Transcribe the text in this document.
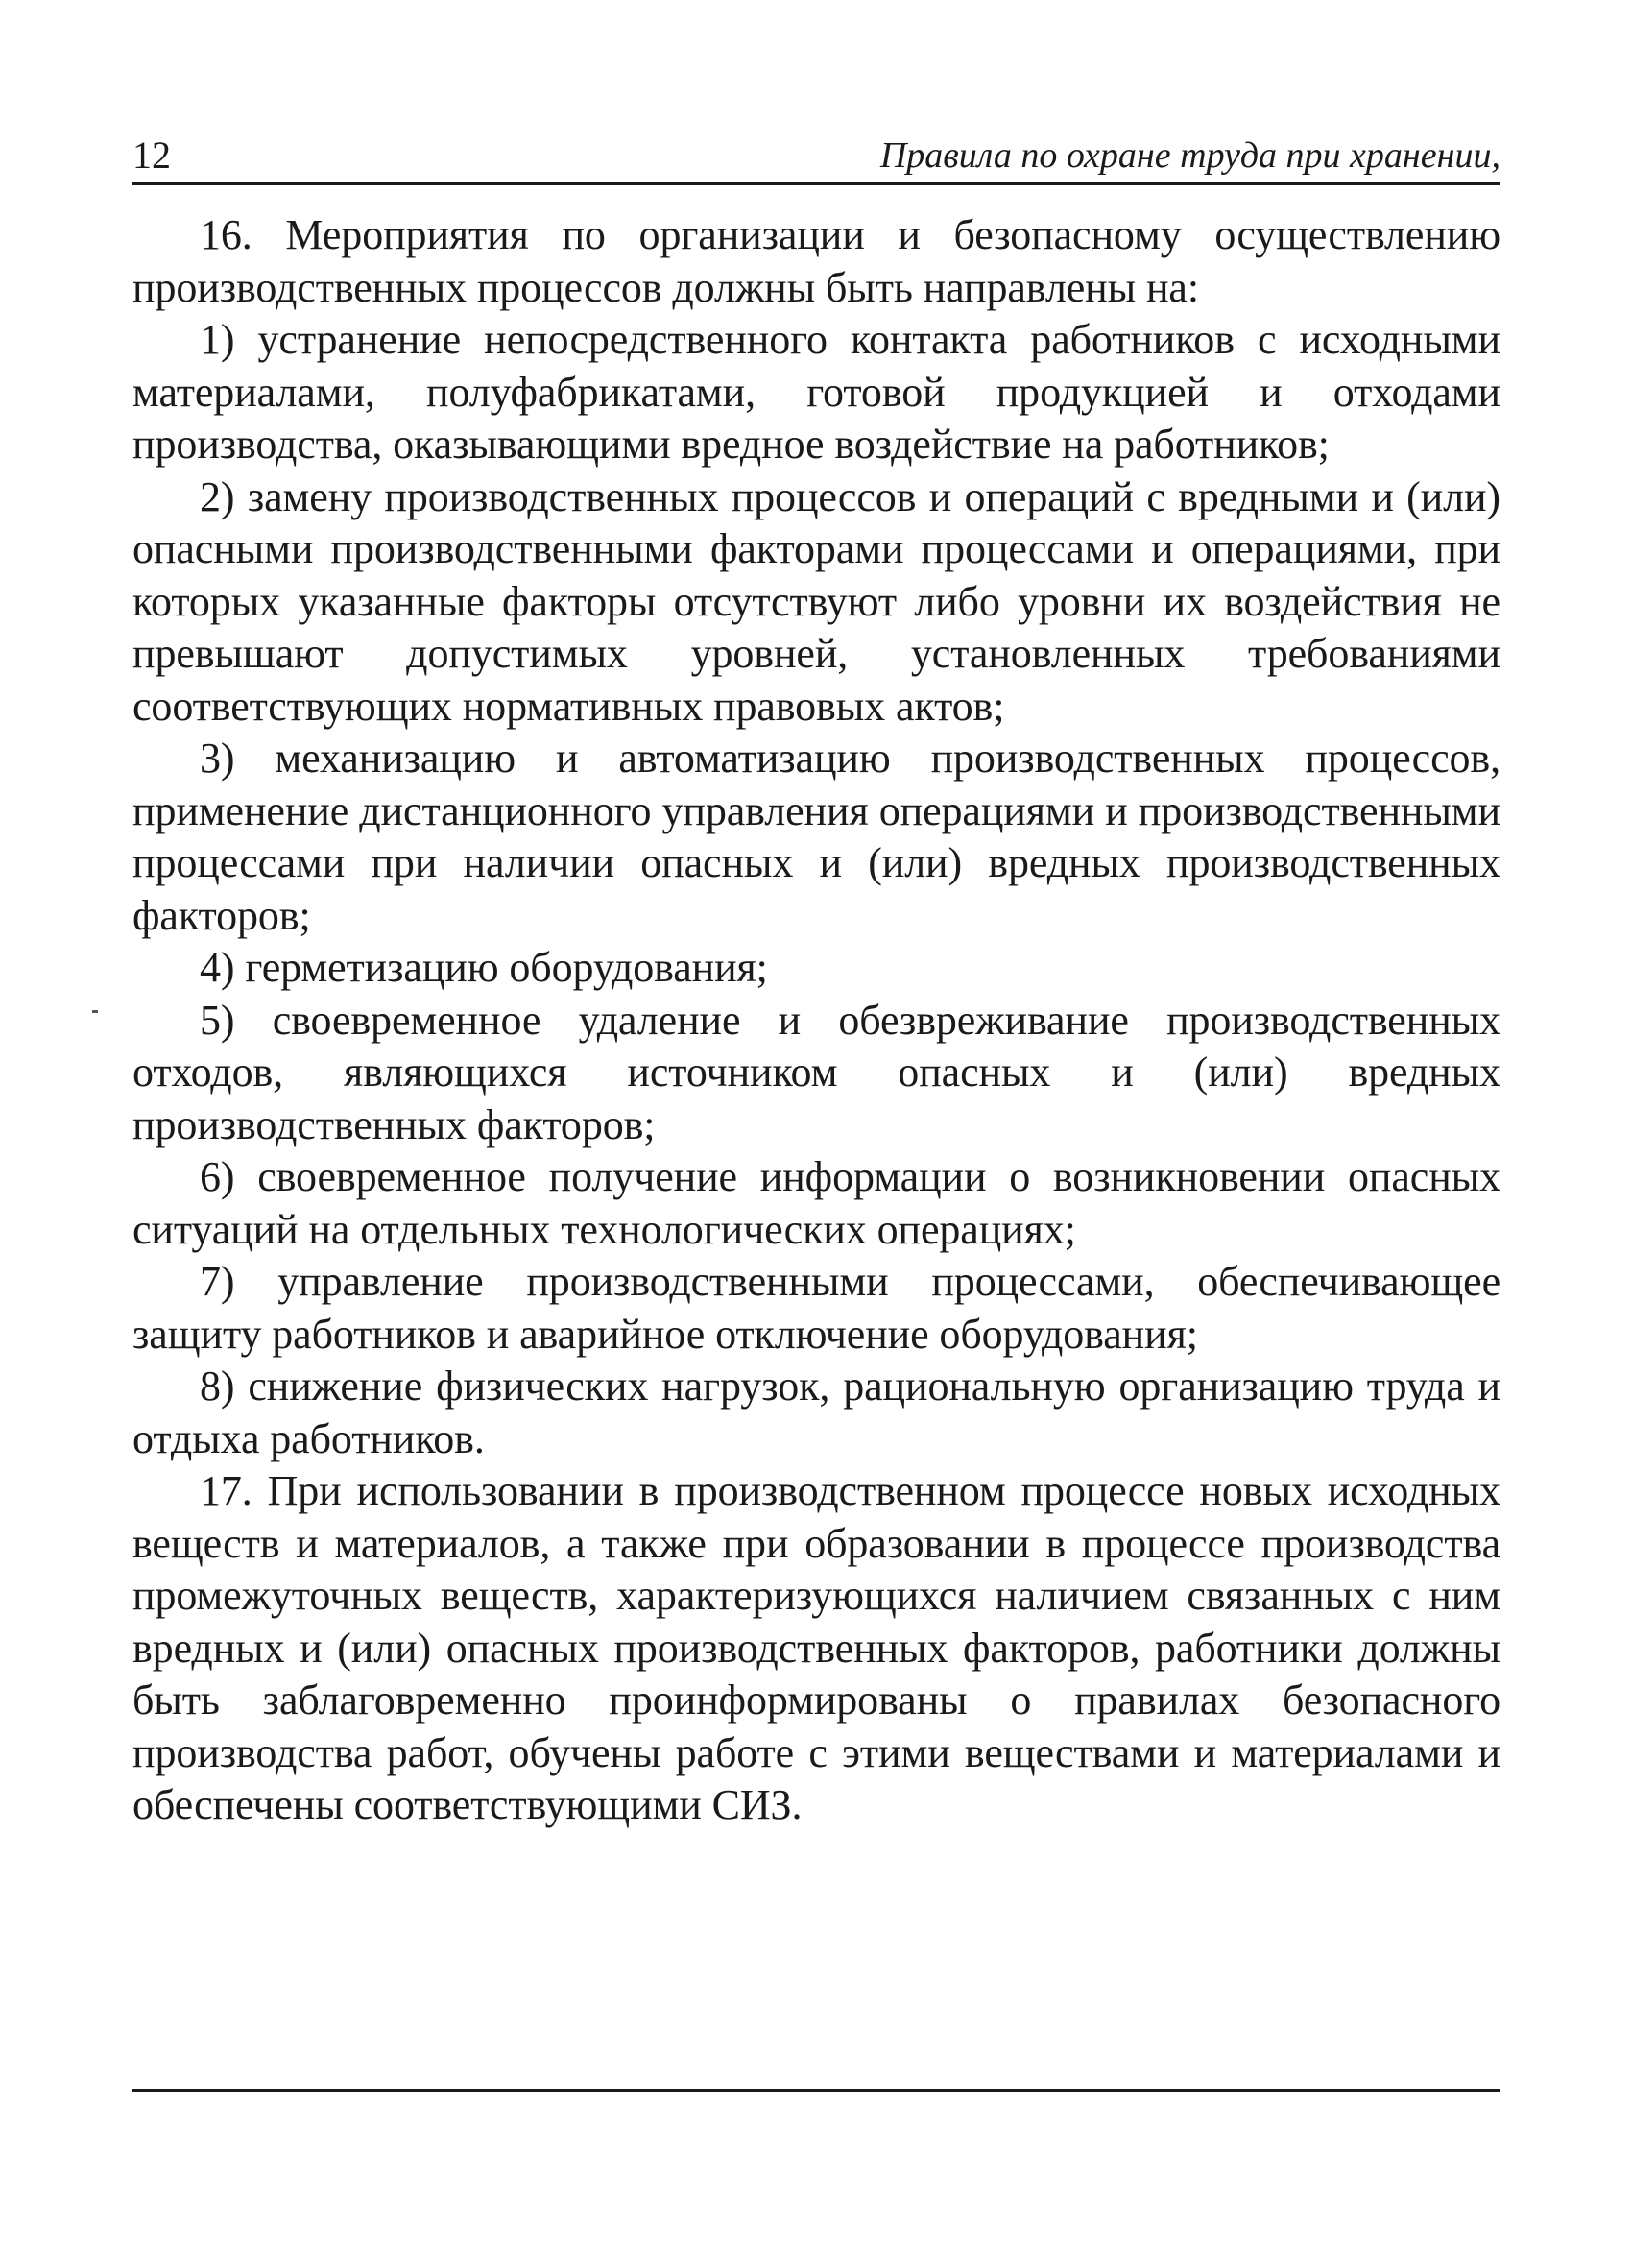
12	Правила по охране труда при хранении,

16. Мероприятия по организации и безопасному осуществлению производственных процессов должны быть направлены на:

1) устранение непосредственного контакта работников с исходными материалами, полуфабрикатами, готовой продукцией и отходами производства, оказывающими вредное воздействие на работников;

2) замену производственных процессов и операций с вредными и (или) опасными производственными факторами процессами и операциями, при которых указанные факторы отсутствуют либо уровни их воздействия не превышают допустимых уровней, установленных требованиями соответствующих нормативных правовых актов;

3) механизацию и автоматизацию производственных процессов, применение дистанционного управления операциями и производственными процессами при наличии опасных и (или) вредных производственных факторов;

4) герметизацию оборудования;

5) своевременное удаление и обезвреживание производственных отходов, являющихся источником опасных и (или) вредных производственных факторов;

6) своевременное получение информации о возникновении опасных ситуаций на отдельных технологических операциях;

7) управление производственными процессами, обеспечивающее защиту работников и аварийное отключение оборудования;

8) снижение физических нагрузок, рациональную организацию труда и отдыха работников.

17. При использовании в производственном процессе новых исходных веществ и материалов, а также при образовании в процессе производства промежуточных веществ, характеризующихся наличием связанных с ним вредных и (или) опасных производственных факторов, работники должны быть заблаговременно проинформированы о правилах безопасного производства работ, обучены работе с этими веществами и материалами и обеспечены соответствующими СИЗ.
